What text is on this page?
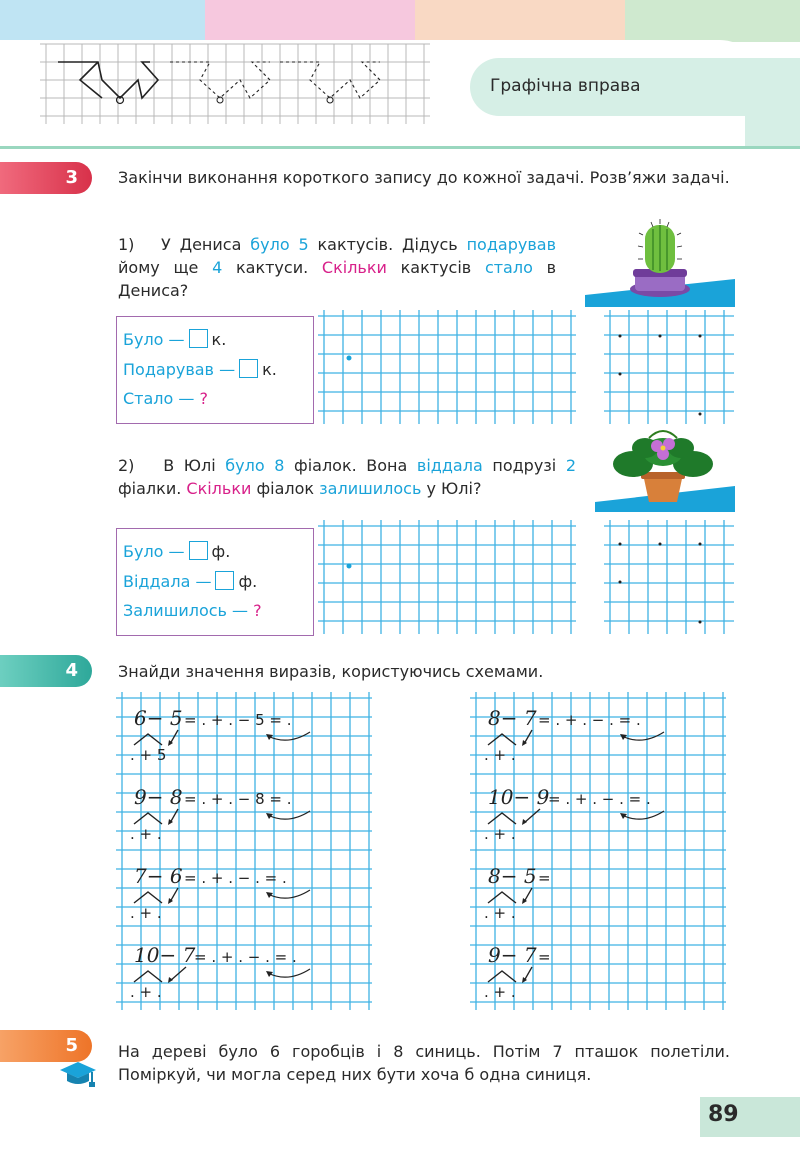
Графічна вправа
3	Закінчи виконання короткого запису до кожної задачі. Розв’яжи задачі.
1) У Дениса було 5 кактусів. Дідусь подарував йому ще 4 кактуси. Скільки кактусів стало в Дениса?
Було — к.
Подарував — к.
Стало — ?
2) В Юлі було 8 фіалок. Вона віддала подрузі 2 фіалки. Скільки фіалок залишилось у Юлі?
Було — ф.
Віддала — ф.
Залишилось — ?
4	Знайди значення виразів, користуючись схемами.
6− 5 = . + . − 5 = .
. + 5
9− 8 = . + . − 8 = .
. + .
7− 6 = . + . − . = .
. + .
10− 7
= . + . − . = .
. + .
8− 7 = . + . − . = .
. + .
10− 9
= . + . − . = .
. + .
8− 5 =
. + .
9− 7 =
. + .
5	На дереві було 6 горобців і 8 синиць. Потім 7 пташок полетіли. Поміркуй, чи могла серед них бути хоча б одна синиця.
89
